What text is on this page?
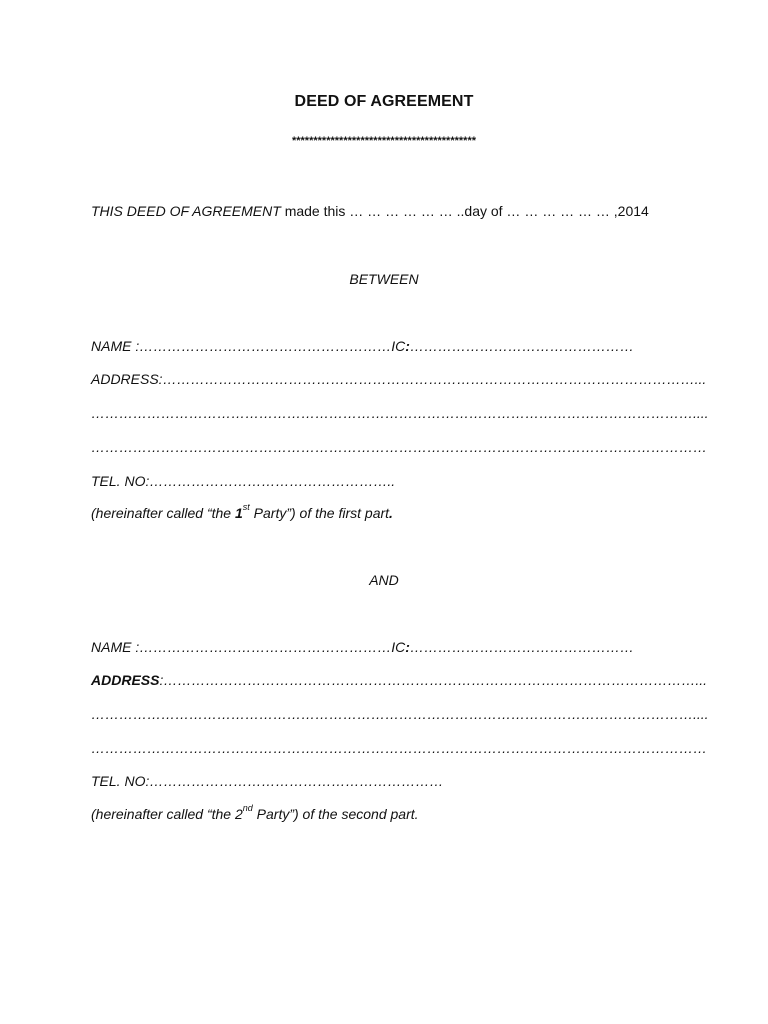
DEED OF AGREEMENT
*******************************************
THIS DEED OF AGREEMENT made this … … … … … … ..day of … … … … … … ,2014
BETWEEN
NAME :………………………………………………IC:…………………………………………
ADDRESS:……………………………………………………………………………………………………...
…………………………………………………………………………………………………………………....
……………………………………………………………………………………………………………………
TEL. NO:……………………………………………..
(hereinafter called “the 1st Party”) of the first part.
AND
NAME :………………………………………………IC:…………………………………………
ADDRESS:……………………………………………………………………………………………………...
…………………………………………………………………………………………………………………....
……………………………………………………………………………………………………………………
TEL. NO:………………………………………………………
(hereinafter called “the 2nd Party”) of the second part.
